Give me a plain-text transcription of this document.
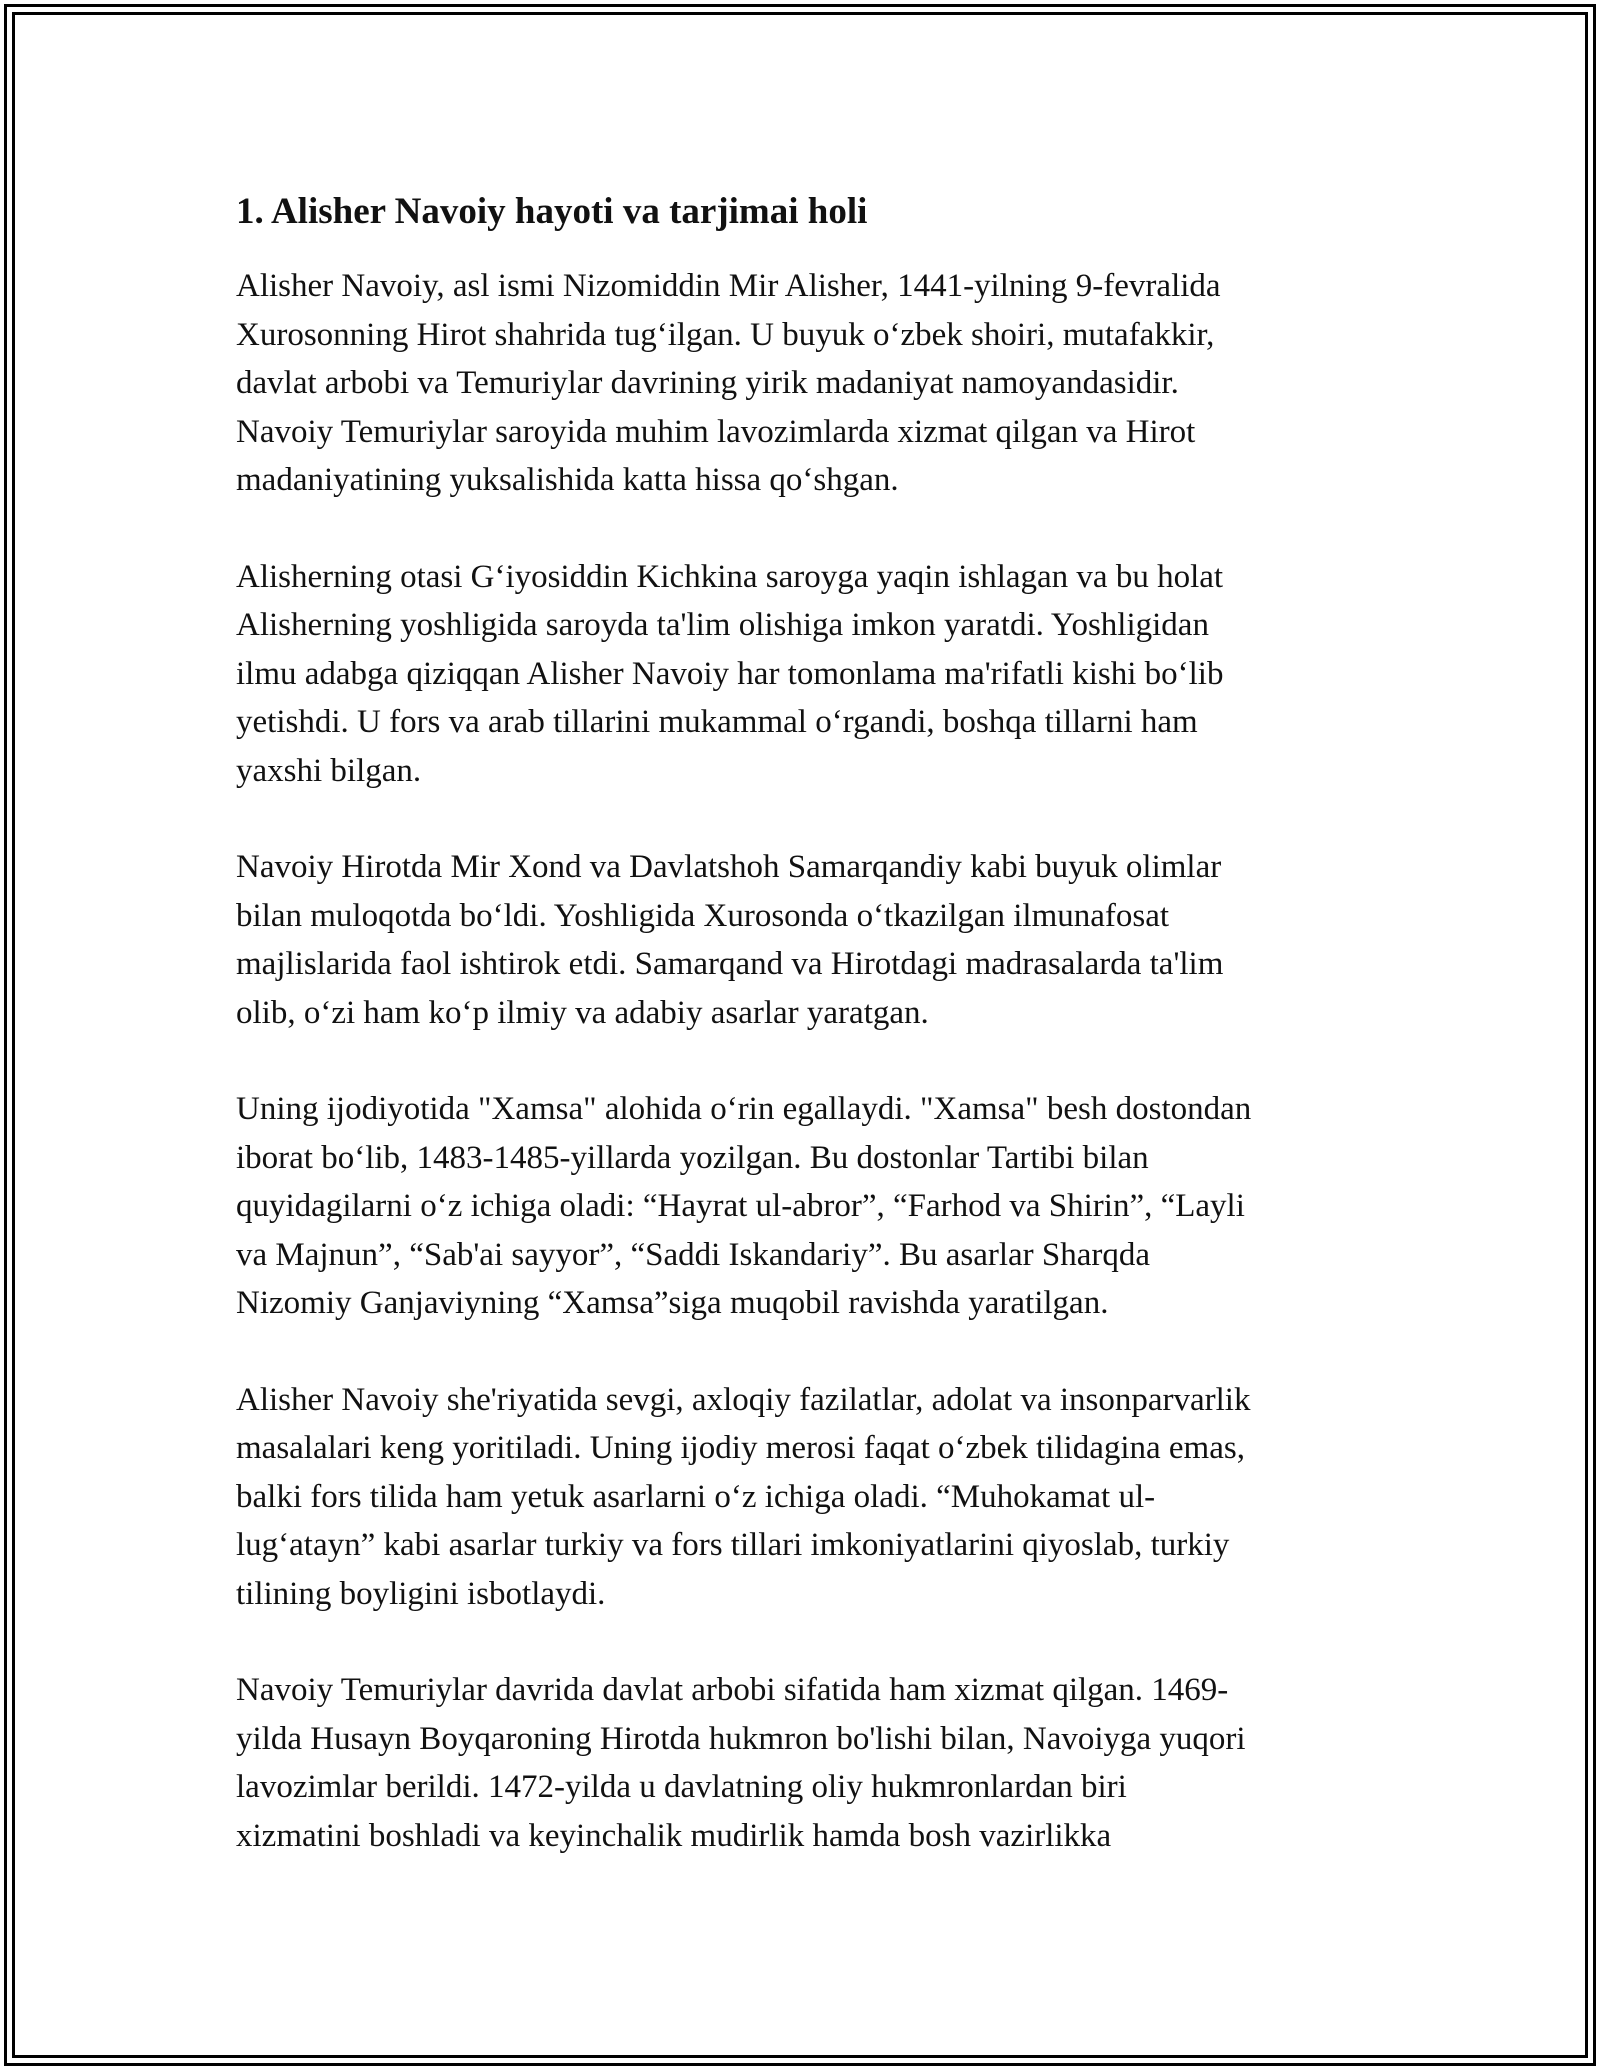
1. Alisher Navoiy hayoti va tarjimai holi

Alisher Navoiy, asl ismi Nizomiddin Mir Alisher, 1441-yilning 9-fevralida
Xurosonning Hirot shahrida tug‘ilgan. U buyuk o‘zbek shoiri, mutafakkir,
davlat arbobi va Temuriylar davrining yirik madaniyat namoyandasidir.
Navoiy Temuriylar saroyida muhim lavozimlarda xizmat qilgan va Hirot
madaniyatining yuksalishida katta hissa qo‘shgan.

Alisherning otasi G‘iyosiddin Kichkina saroyga yaqin ishlagan va bu holat
Alisherning yoshligida saroyda ta'lim olishiga imkon yaratdi. Yoshligidan
ilmu adabga qiziqqan Alisher Navoiy har tomonlama ma'rifatli kishi bo‘lib
yetishdi. U fors va arab tillarini mukammal o‘rgandi, boshqa tillarni ham
yaxshi bilgan.

Navoiy Hirotda Mir Xond va Davlatshoh Samarqandiy kabi buyuk olimlar
bilan muloqotda bo‘ldi. Yoshligida Xurosonda o‘tkazilgan ilmunafosat
majlislarida faol ishtirok etdi. Samarqand va Hirotdagi madrasalarda ta'lim
olib, o‘zi ham ko‘p ilmiy va adabiy asarlar yaratgan.

Uning ijodiyotida "Xamsa" alohida o‘rin egallaydi. "Xamsa" besh dostondan
iborat bo‘lib, 1483-1485-yillarda yozilgan. Bu dostonlar Tartibi bilan
quyidagilarni o‘z ichiga oladi: “Hayrat ul-abror”, “Farhod va Shirin”, “Layli
va Majnun”, “Sab'ai sayyor”, “Saddi Iskandariy”. Bu asarlar Sharqda
Nizomiy Ganjaviyning “Xamsa”siga muqobil ravishda yaratilgan.

Alisher Navoiy she'riyatida sevgi, axloqiy fazilatlar, adolat va insonparvarlik
masalalari keng yoritiladi. Uning ijodiy merosi faqat o‘zbek tilidagina emas,
balki fors tilida ham yetuk asarlarni o‘z ichiga oladi. “Muhokamat ul-
lug‘atayn” kabi asarlar turkiy va fors tillari imkoniyatlarini qiyoslab, turkiy
tilining boyligini isbotlaydi.

Navoiy Temuriylar davrida davlat arbobi sifatida ham xizmat qilgan. 1469-
yilda Husayn Boyqaroning Hirotda hukmron bo'lishi bilan, Navoiyga yuqori
lavozimlar berildi. 1472-yilda u davlatning oliy hukmronlardan biri
xizmatini boshladi va keyinchalik mudirlik hamda bosh vazirlikka
